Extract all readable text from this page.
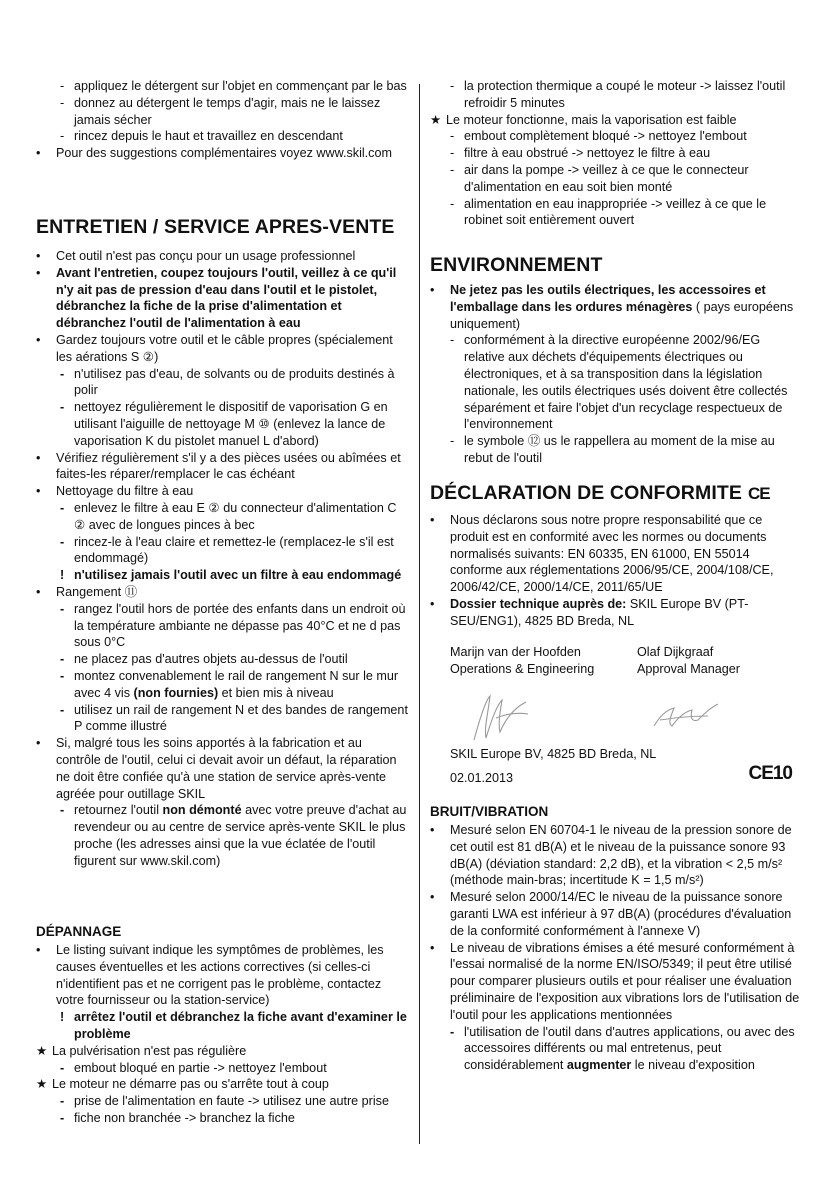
- appliquez le détergent sur l'objet en commençant par le bas
- donnez au détergent le temps d'agir, mais ne le laissez jamais sécher
- rincez depuis le haut et travaillez en descendant
•	Pour des suggestions complémentaires voyez www.skil.com
ENTRETIEN / SERVICE APRES-VENTE
•	Cet outil n'est pas conçu pour un usage professionnel
•	Avant l'entretien, coupez toujours l'outil, veillez à ce qu'il n'y ait pas de pression d'eau dans l'outil et le pistolet, débranchez la fiche de la prise d'alimentation et débranchez l'outil de l'alimentation à eau
•	Gardez toujours votre outil et le câble propres (spécialement les aérations S ②)
- n'utilisez pas d'eau, de solvants ou de produits destinés à polir
- nettoyez régulièrement le dispositif de vaporisation G en utilisant l'aiguille de nettoyage M ⑩ (enlevez la lance de vaporisation K du pistolet manuel L d'abord)
•	Vérifiez régulièrement s'il y a des pièces usées ou abîmées et faites-les réparer/remplacer le cas échéant
•	Nettoyage du filtre à eau
- enlevez le filtre à eau E ② du connecteur d'alimentation C ② avec de longues pinces à bec
- rincez-le à l'eau claire et remettez-le (remplacez-le s'il est endommagé)
! n'utilisez jamais l'outil avec un filtre à eau endommagé
•	Rangement ⑪
- rangez l'outil hors de portée des enfants dans un endroit où la température ambiante ne dépasse pas 40°C et ne d pas sous 0°C
- ne placez pas d'autres objets au-dessus de l'outil
- montez convenablement le rail de rangement N sur le mur avec 4 vis (non fournies) et bien mis à niveau
- utilisez un rail de rangement N et des bandes de rangement P comme illustré
•	Si, malgré tous les soins apportés à la fabrication et au contrôle de l'outil, celui ci devait avoir un défaut, la réparation ne doit être confiée qu'à une station de service après-vente agréée pour outillage SKIL
- retournez l'outil non démonté avec votre preuve d'achat au revendeur ou au centre de service après-vente SKIL le plus proche (les adresses ainsi que la vue éclatée de l'outil figurent sur www.skil.com)
DÉPANNAGE
•	Le listing suivant indique les symptômes de problèmes, les causes éventuelles et les actions correctives (si celles-ci n'identifient pas et ne corrigent pas le problème, contactez votre fournisseur ou la station-service)
! arrêtez l'outil et débranchez la fiche avant d'examiner le problème
★ La pulvérisation n'est pas régulière
- embout bloqué en partie -> nettoyez l'embout
★ Le moteur ne démarre pas ou s'arrête tout à coup
- prise de l'alimentation en faute -> utilisez une autre prise
- fiche non branchée -> branchez la fiche
- la protection thermique a coupé le moteur -> laissez l'outil refroidir 5 minutes
★ Le moteur fonctionne, mais la vaporisation est faible
- embout complètement bloqué -> nettoyez l'embout
- filtre à eau obstrué -> nettoyez le filtre à eau
- air dans la pompe -> veillez à ce que le connecteur d'alimentation en eau soit bien monté
- alimentation en eau inappropriée -> veillez à ce que le robinet soit entièrement ouvert
ENVIRONNEMENT
•	Ne jetez pas les outils électriques, les accessoires et l'emballage dans les ordures ménagères ( pays européens uniquement)
- conformément à la directive européenne 2002/96/EG relative aux déchets d'équipements électriques ou électroniques, et à sa transposition dans la législation nationale, les outils électriques usés doivent être collectés séparément et faire l'objet d'un recyclage respectueux de l'environnement
- le symbole ⑫ us le rappellera au moment de la mise au rebut de l'outil
DÉCLARATION DE CONFORMITE CE
•	Nous déclarons sous notre propre responsabilité que ce produit est en conformité avec les normes ou documents normalisés suivants: EN 60335, EN 61000, EN 55014 conforme aux réglementations 2006/95/CE, 2004/108/CE, 2006/42/CE, 2000/14/CE, 2011/65/UE
•	Dossier technique auprès de: SKIL Europe BV (PT-SEU/ENG1), 4825 BD Breda, NL
Marijn van der Hoofden
Operations & Engineering
Olaf Dijkgraaf
Approval Manager
SKIL Europe BV, 4825 BD Breda, NL
02.01.2013	CE10
BRUIT/VIBRATION
•	Mesuré selon EN 60704-1 le niveau de la pression sonore de cet outil est 81 dB(A) et le niveau de la puissance sonore 93 dB(A) (déviation standard: 2,2 dB), et la vibration < 2,5 m/s² (méthode main-bras; incertitude K = 1,5 m/s²)
•	Mesuré selon 2000/14/EC le niveau de la puissance sonore garanti LWA est inférieur à 97 dB(A) (procédures d'évaluation de la conformité conformément à l'annexe V)
•	Le niveau de vibrations émises a été mesuré conformément à l'essai normalisé de la norme EN/ISO/5349; il peut être utilisé pour comparer plusieurs outils et pour réaliser une évaluation préliminaire de l'exposition aux vibrations lors de l'utilisation de l'outil pour les applications mentionnées
- l'utilisation de l'outil dans d'autres applications, ou avec des accessoires différents ou mal entretenus, peut considérablement augmenter le niveau d'exposition
